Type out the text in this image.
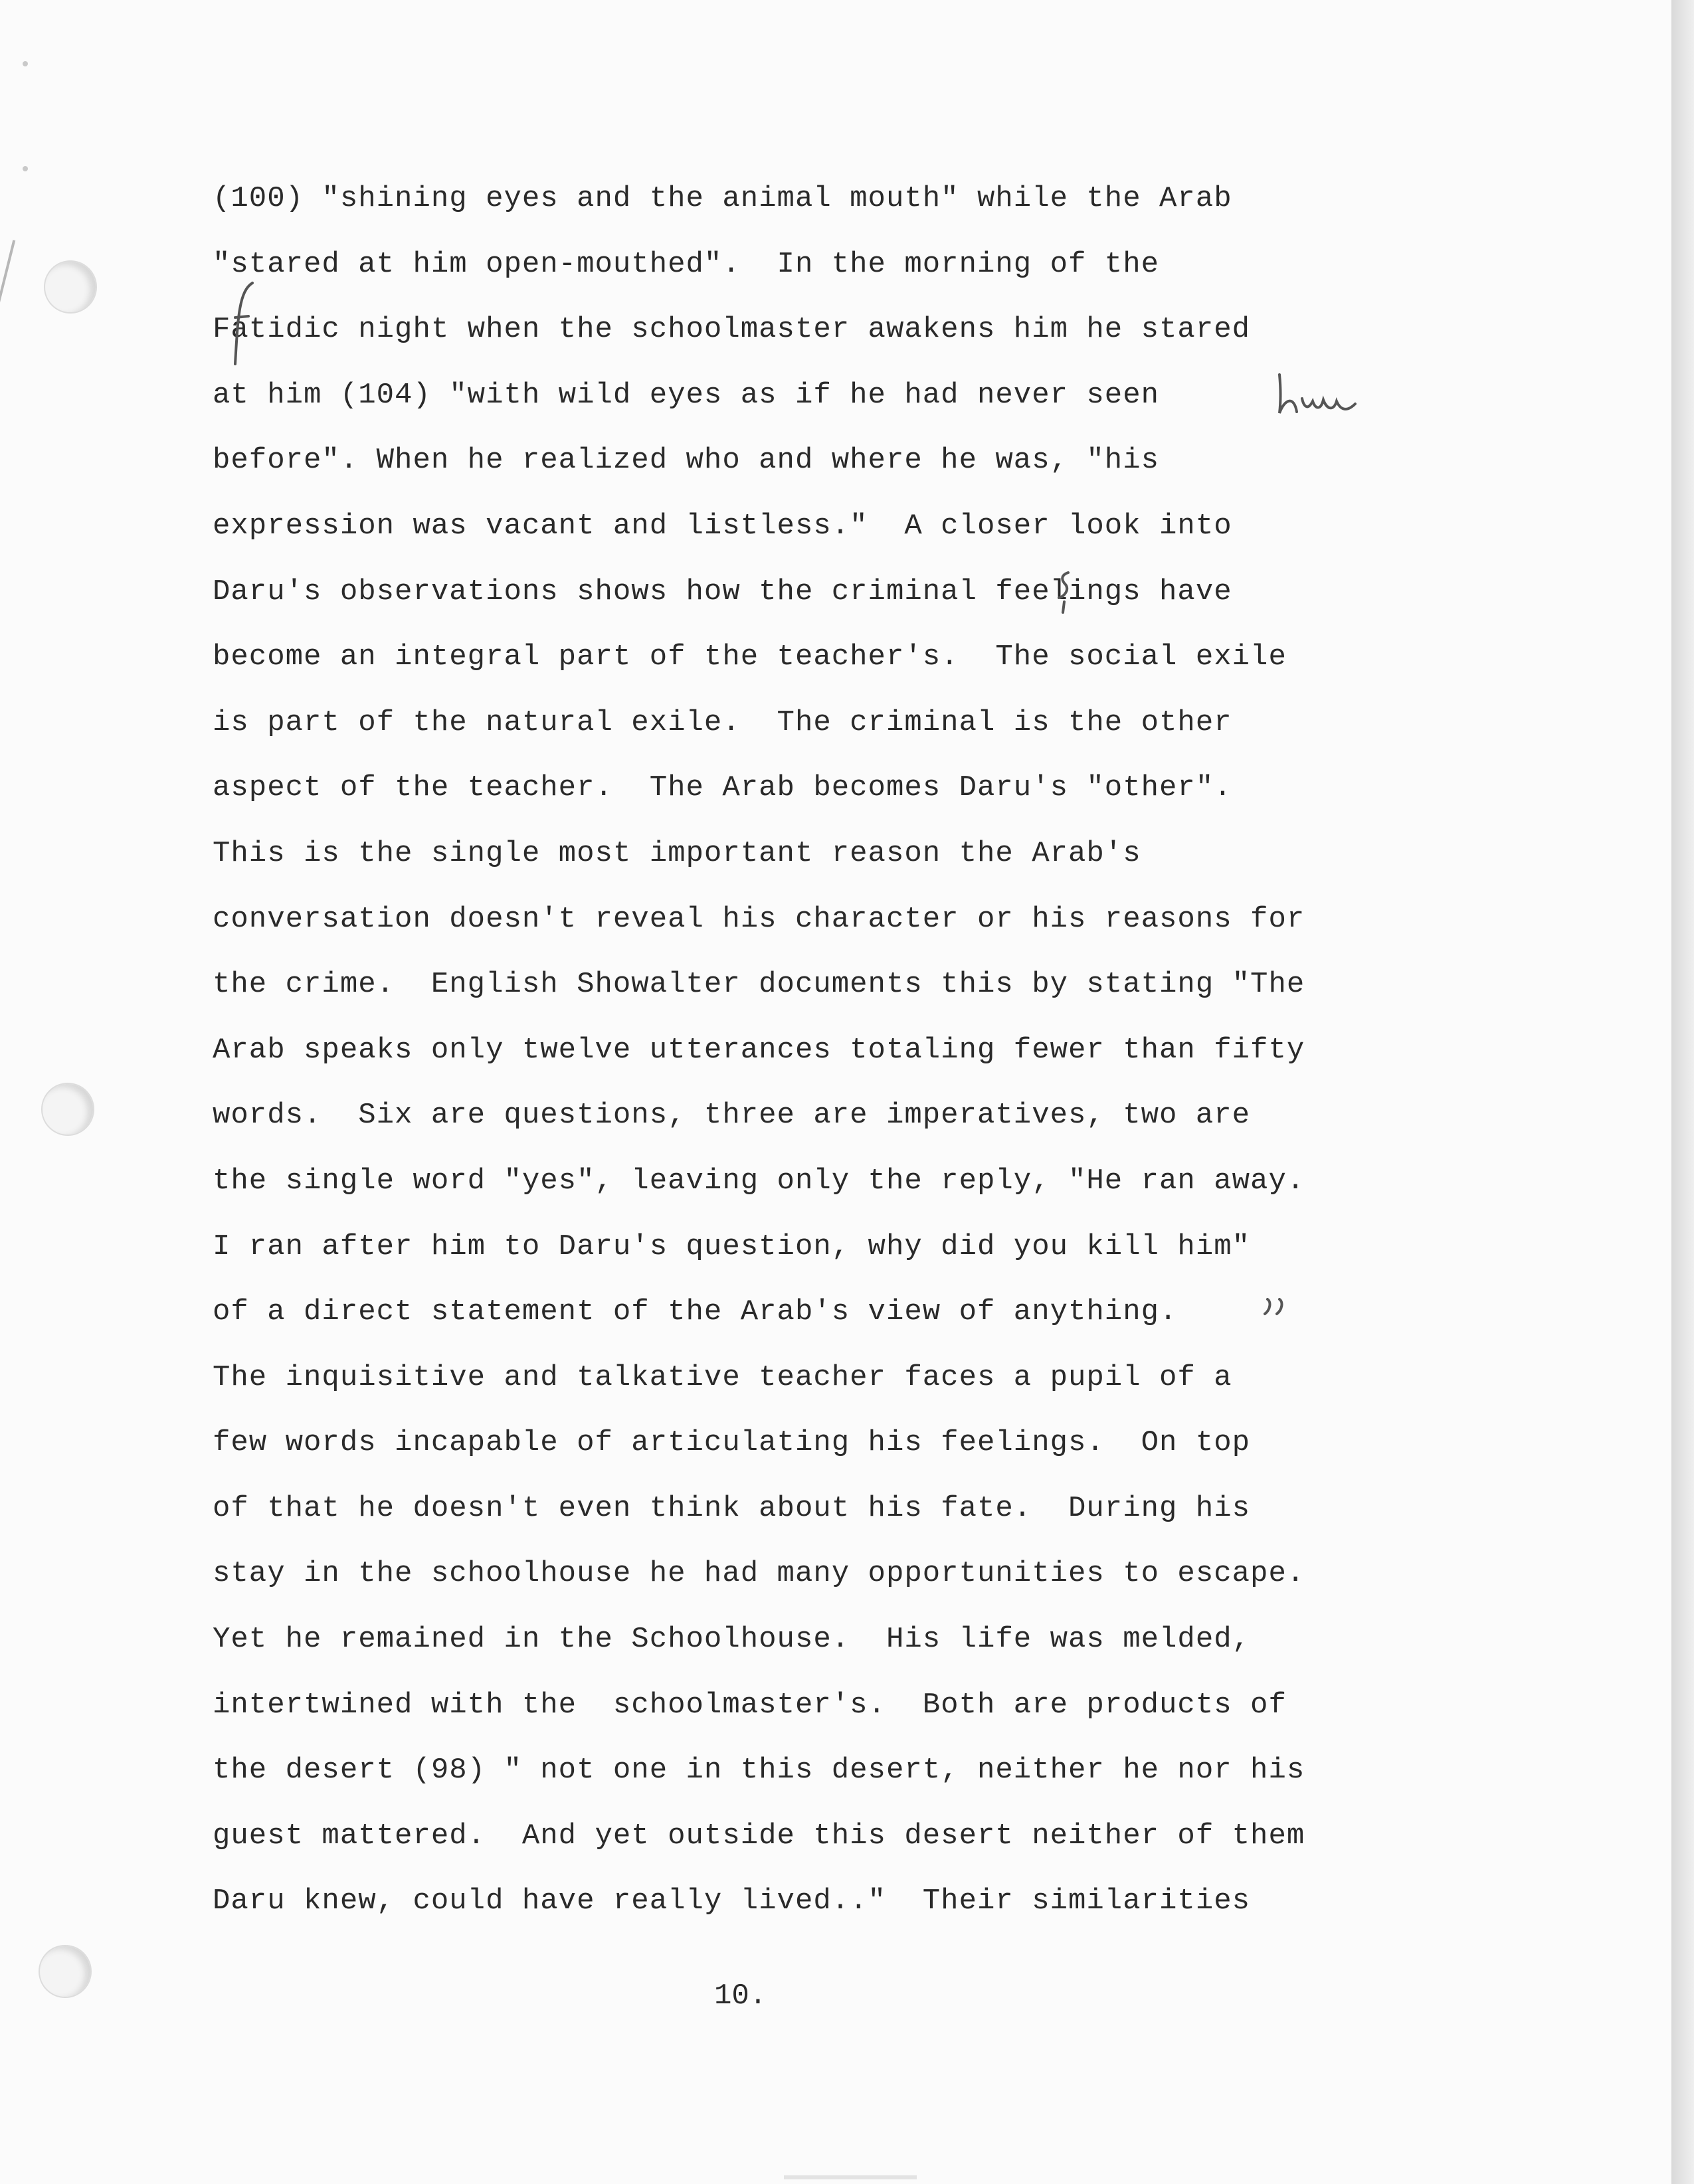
(100) "shining eyes and the animal mouth" while the Arab
"stared at him open-mouthed".  In the morning of the
Fatidic night when the schoolmaster awakens him he stared
at him (104) "with wild eyes as if he had never seen
before". When he realized who and where he was, "his
expression was vacant and listless."  A closer look into
Daru's observations shows how the criminal feelings have
become an integral part of the teacher's.  The social exile
is part of the natural exile.  The criminal is the other
aspect of the teacher.  The Arab becomes Daru's "other".
This is the single most important reason the Arab's
conversation doesn't reveal his character or his reasons for
the crime.  English Showalter documents this by stating "The
Arab speaks only twelve utterances totaling fewer than fifty
words.  Six are questions, three are imperatives, two are
the single word "yes", leaving only the reply, "He ran away.
I ran after him to Daru's question, why did you kill him"
of a direct statement of the Arab's view of anything.
The inquisitive and talkative teacher faces a pupil of a
few words incapable of articulating his feelings.  On top
of that he doesn't even think about his fate.  During his
stay in the schoolhouse he had many opportunities to escape.
Yet he remained in the Schoolhouse.  His life was melded,
intertwined with the  schoolmaster's.  Both are products of
the desert (98) " not one in this desert, neither he nor his
guest mattered.  And yet outside this desert neither of them
Daru knew, could have really lived.."  Their similarities
10.
